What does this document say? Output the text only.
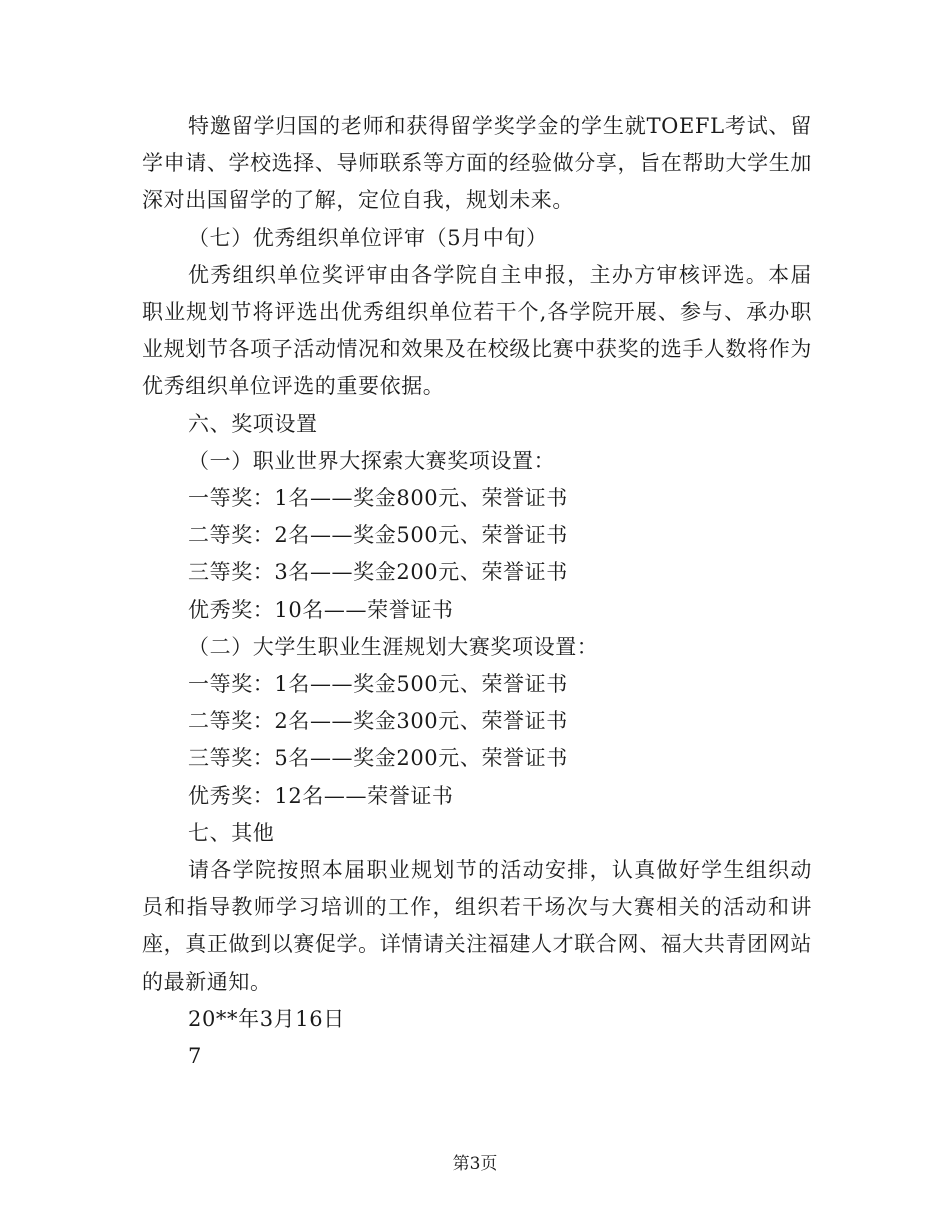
特邀留学归国的老师和获得留学奖学金的学生就TOEFL考试、留学申请、学校选择、导师联系等方面的经验做分享，旨在帮助大学生加深对出国留学的了解，定位自我，规划未来。

（七）优秀组织单位评审（5月中旬）

优秀组织单位奖评审由各学院自主申报，主办方审核评选。本届职业规划节将评选出优秀组织单位若干个,各学院开展、参与、承办职业规划节各项子活动情况和效果及在校级比赛中获奖的选手人数将作为优秀组织单位评选的重要依据。

六、奖项设置

（一）职业世界大探索大赛奖项设置：

一等奖：1名——奖金800元、荣誉证书

二等奖：2名——奖金500元、荣誉证书

三等奖：3名——奖金200元、荣誉证书

优秀奖：10名——荣誉证书

（二）大学生职业生涯规划大赛奖项设置：

一等奖：1名——奖金500元、荣誉证书

二等奖：2名——奖金300元、荣誉证书

三等奖：5名——奖金200元、荣誉证书

优秀奖：12名——荣誉证书

七、其他

请各学院按照本届职业规划节的活动安排，认真做好学生组织动员和指导教师学习培训的工作，组织若干场次与大赛相关的活动和讲座，真正做到以赛促学。详情请关注福建人才联合网、福大共青团网站的最新通知。

20**年3月16日

7

第3页
